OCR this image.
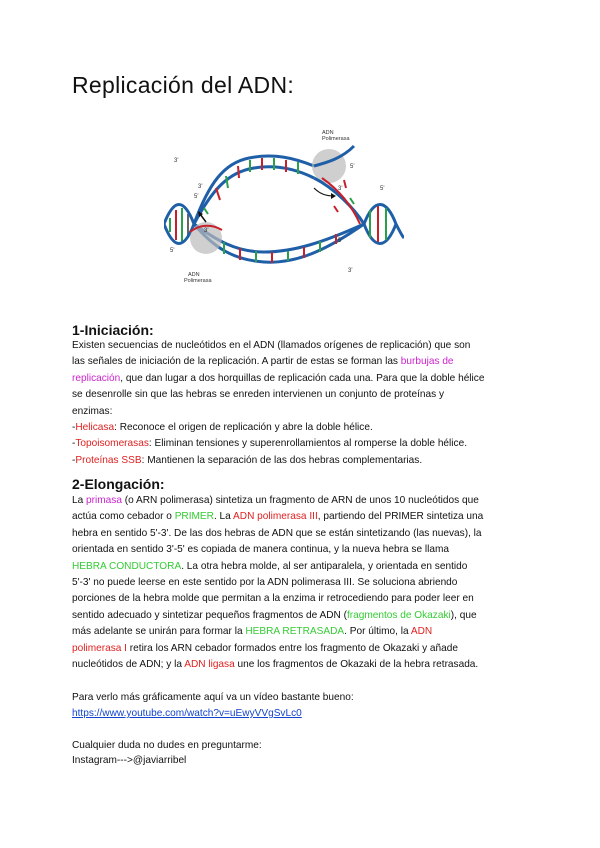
Replicación del ADN:
ADN
Polimerasa
ADN
Polimerasa
3'
5'
5'
3'
3'
5'
5'
3'
5'
3'
1-Iniciación:
Existen secuencias de nucleótidos en el ADN (llamados orígenes de replicación) que son
las señales de iniciación de la replicación. A partir de estas se forman las burbujas de
replicación, que dan lugar a dos horquillas de replicación cada una. Para que la doble hélice
se desenrolle sin que las hebras se enreden intervienen un conjunto de proteínas y
enzimas:
-Helicasa: Reconoce el origen de replicación y abre la doble hélice.
-Topoisomerasas: Eliminan tensiones y superenrollamientos al romperse la doble hélice.
-Proteínas SSB: Mantienen la separación de las dos hebras complementarias.
2-Elongación:
La primasa (o ARN polimerasa) sintetiza un fragmento de ARN de unos 10 nucleótidos que
actúa como cebador o PRIMER. La ADN polimerasa III, partiendo del PRIMER sintetiza una
hebra en sentido 5'-3'. De las dos hebras de ADN que se están sintetizando (las nuevas), la
orientada en sentido 3'-5' es copiada de manera continua, y la nueva hebra se llama
HEBRA CONDUCTORA. La otra hebra molde, al ser antiparalela, y orientada en sentido
5'-3' no puede leerse en este sentido por la ADN polimerasa III. Se soluciona abriendo
porciones de la hebra molde que permitan a la enzima ir retrocediendo para poder leer en
sentido adecuado y sintetizar pequeños fragmentos de ADN (fragmentos de Okazaki), que
más adelante se unirán para formar la HEBRA RETRASADA. Por último, la ADN
polimerasa I retira los ARN cebador formados entre los fragmento de Okazaki y añade
nucleótidos de ADN; y la ADN ligasa une los fragmentos de Okazaki de la hebra retrasada.
Para verlo más gráficamente aquí va un vídeo bastante bueno:
https://www.youtube.com/watch?v=uEwyVVgSvLc0
Cualquier duda no dudes en preguntarme:
Instagram--->@javiarribel
